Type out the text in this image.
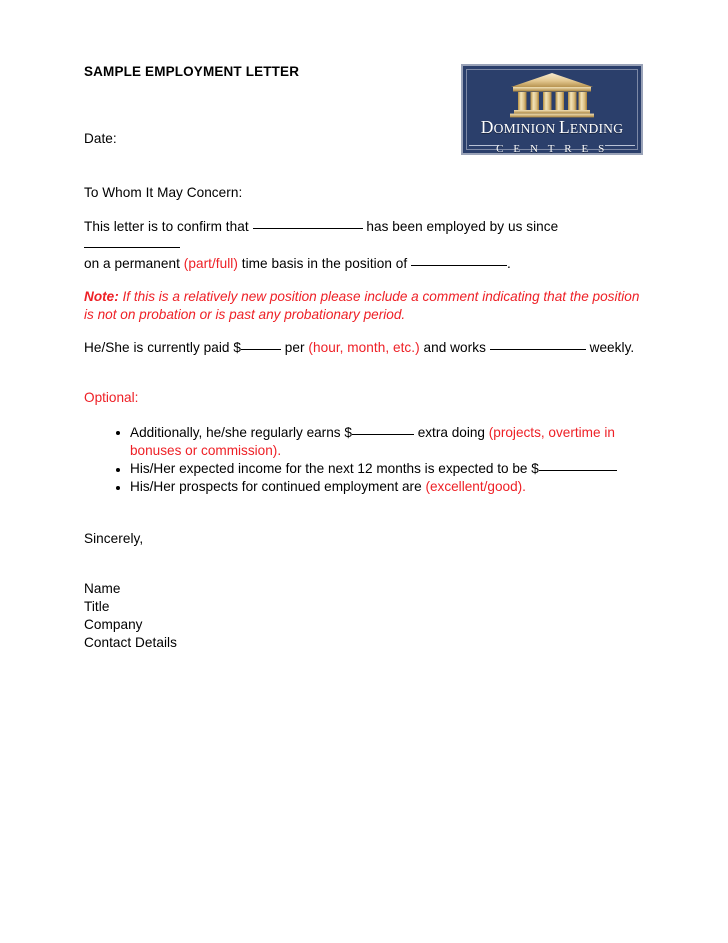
DOMINION LENDING
C E N T R E S

SAMPLE EMPLOYMENT LETTER

Date:

To Whom It May Concern:

This letter is to confirm that	has been employed by us since
on a permanent (part/full) time basis in the position of	.

Note: If this is a relatively new position please include a comment indicating that the position is not on probation or is past any probationary period.

He/She is currently paid $	per (hour, month, etc.) and works	weekly.

Optional:

Additionally, he/she regularly earns $	extra doing (projects, overtime in bonuses or commission).
His/Her expected income for the next 12 months is expected to be $
His/Her prospects for continued employment are (excellent/good).

Sincerely,

Name

Title

Company

Contact Details
